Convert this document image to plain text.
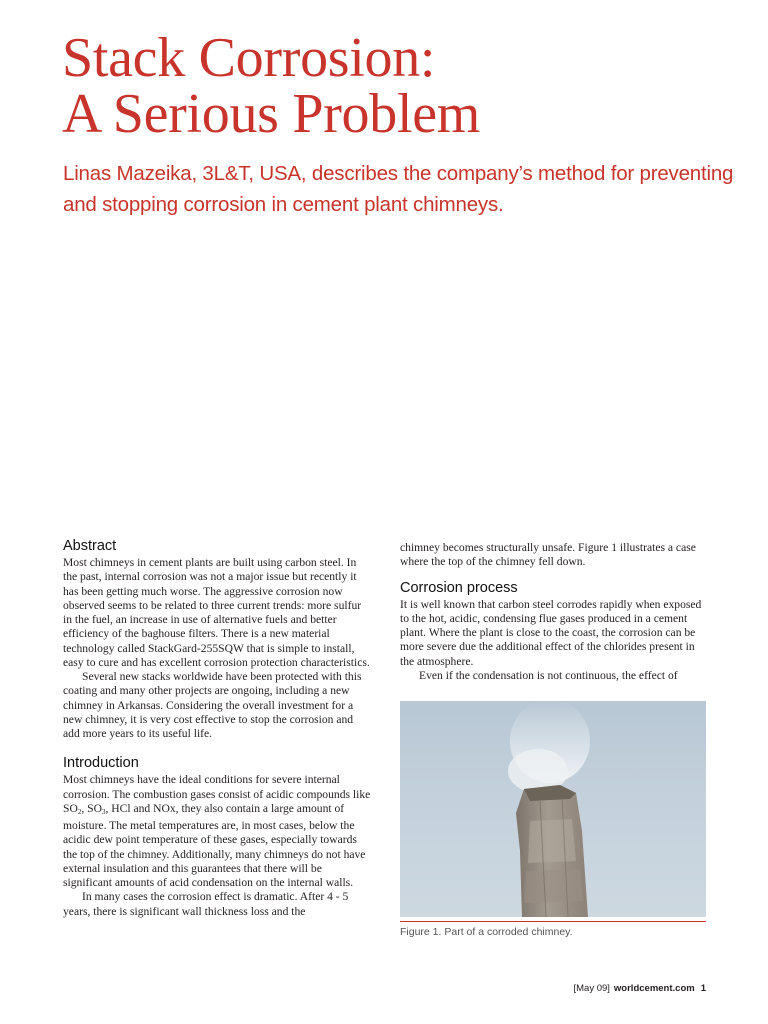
Stack Corrosion:
A Serious Problem

Linas Mazeika, 3L&T, USA, describes the company’s method for preventing and stopping corrosion in cement plant chimneys.

Abstract

Most chimneys in cement plants are built using carbon steel. In the past, internal corrosion was not a major issue but recently it has been getting much worse. The aggressive corrosion now observed seems to be related to three current trends: more sulfur in the fuel, an increase in use of alternative fuels and better efficiency of the baghouse filters. There is a new material technology called StackGard-255SQW that is simple to install, easy to cure and has excellent corrosion protection characteristics.

Several new stacks worldwide have been protected with this coating and many other projects are ongoing, including a new chimney in Arkansas. Considering the overall investment for a new chimney, it is very cost effective to stop the corrosion and add more years to its useful life.

Introduction

Most chimneys have the ideal conditions for severe internal corrosion. The combustion gases consist of acidic compounds like $SO_2$, $SO_3$, HCl and NOx, they also contain a large amount of moisture. The metal temperatures are, in most cases, below the acidic dew point temperature of these gases, especially towards the top of the chimney. Additionally, many chimneys do not have external insulation and this guarantees that there will be significant amounts of acid condensation on the internal walls.

In many cases the corrosion effect is dramatic. After 4 - 5 years, there is significant wall thickness loss and the

chimney becomes structurally unsafe. Figure 1 illustrates a case where the top of the chimney fell down.

Corrosion process

It is well known that carbon steel corrodes rapidly when exposed to the hot, acidic, condensing flue gases produced in a cement plant. Where the plant is close to the coast, the corrosion can be more severe due the additional effect of the chlorides present in the atmosphere.

Even if the condensation is not continuous, the effect of

Figure 1. Part of a corroded chimney.
[May 09] worldcement.com 1
